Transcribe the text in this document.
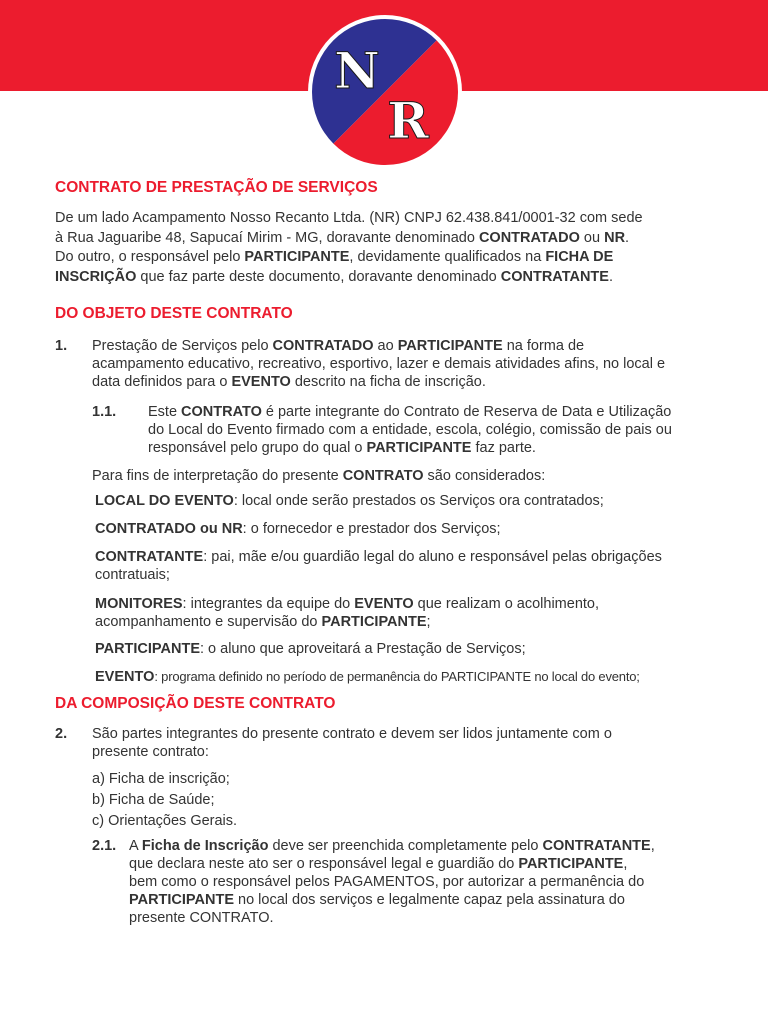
N
R
CONTRATO DE PRESTAÇÃO DE SERVIÇOS

De um lado Acampamento Nosso Recanto Ltda. (NR) CNPJ 62.438.841/0001-32 com sede

à Rua Jaguaribe 48, Sapucaí Mirim - MG, doravante denominado CONTRATADO ou NR.

Do outro, o responsável pelo PARTICIPANTE, devidamente qualificados na FICHA DE

INSCRIÇÃO que faz parte deste documento, doravante denominado CONTRATANTE.

DO OBJETO DESTE CONTRATO
1. Prestação de Serviços pelo CONTRATADO ao PARTICIPANTE na forma de

acampamento educativo, recreativo, esportivo, lazer e demais atividades afins, no local e

data definidos para o EVENTO descrito na ficha de inscrição.

1.1. Este CONTRATO é parte integrante do Contrato de Reserva de Data e Utilização

do Local do Evento firmado com a entidade, escola, colégio, comissão de pais ou

responsável pelo grupo do qual o PARTICIPANTE faz parte.

Para fins de interpretação do presente CONTRATO são considerados:

LOCAL DO EVENTO: local onde serão prestados os Serviços ora contratados;

CONTRATADO ou NR: o fornecedor e prestador dos Serviços;

CONTRATANTE: pai, mãe e/ou guardião legal do aluno e responsável pelas obrigações

contratuais;

MONITORES: integrantes da equipe do EVENTO que realizam o acolhimento,

acompanhamento e supervisão do PARTICIPANTE;

PARTICIPANTE: o aluno que aproveitará a Prestação de Serviços;

EVENTO: programa definido no período de permanência do PARTICIPANTE no local do evento;

DA COMPOSIÇÃO DESTE CONTRATO
2. São partes integrantes do presente contrato e devem ser lidos juntamente com o

presente contrato:

a) Ficha de inscrição;

b) Ficha de Saúde;

c) Orientações Gerais.

2.1. A Ficha de Inscrição deve ser preenchida completamente pelo CONTRATANTE,

que declara neste ato ser o responsável legal e guardião do PARTICIPANTE,

bem como o responsável pelos PAGAMENTOS, por autorizar a permanência do

PARTICIPANTE no local dos serviços e legalmente capaz pela assinatura do

presente CONTRATO.
